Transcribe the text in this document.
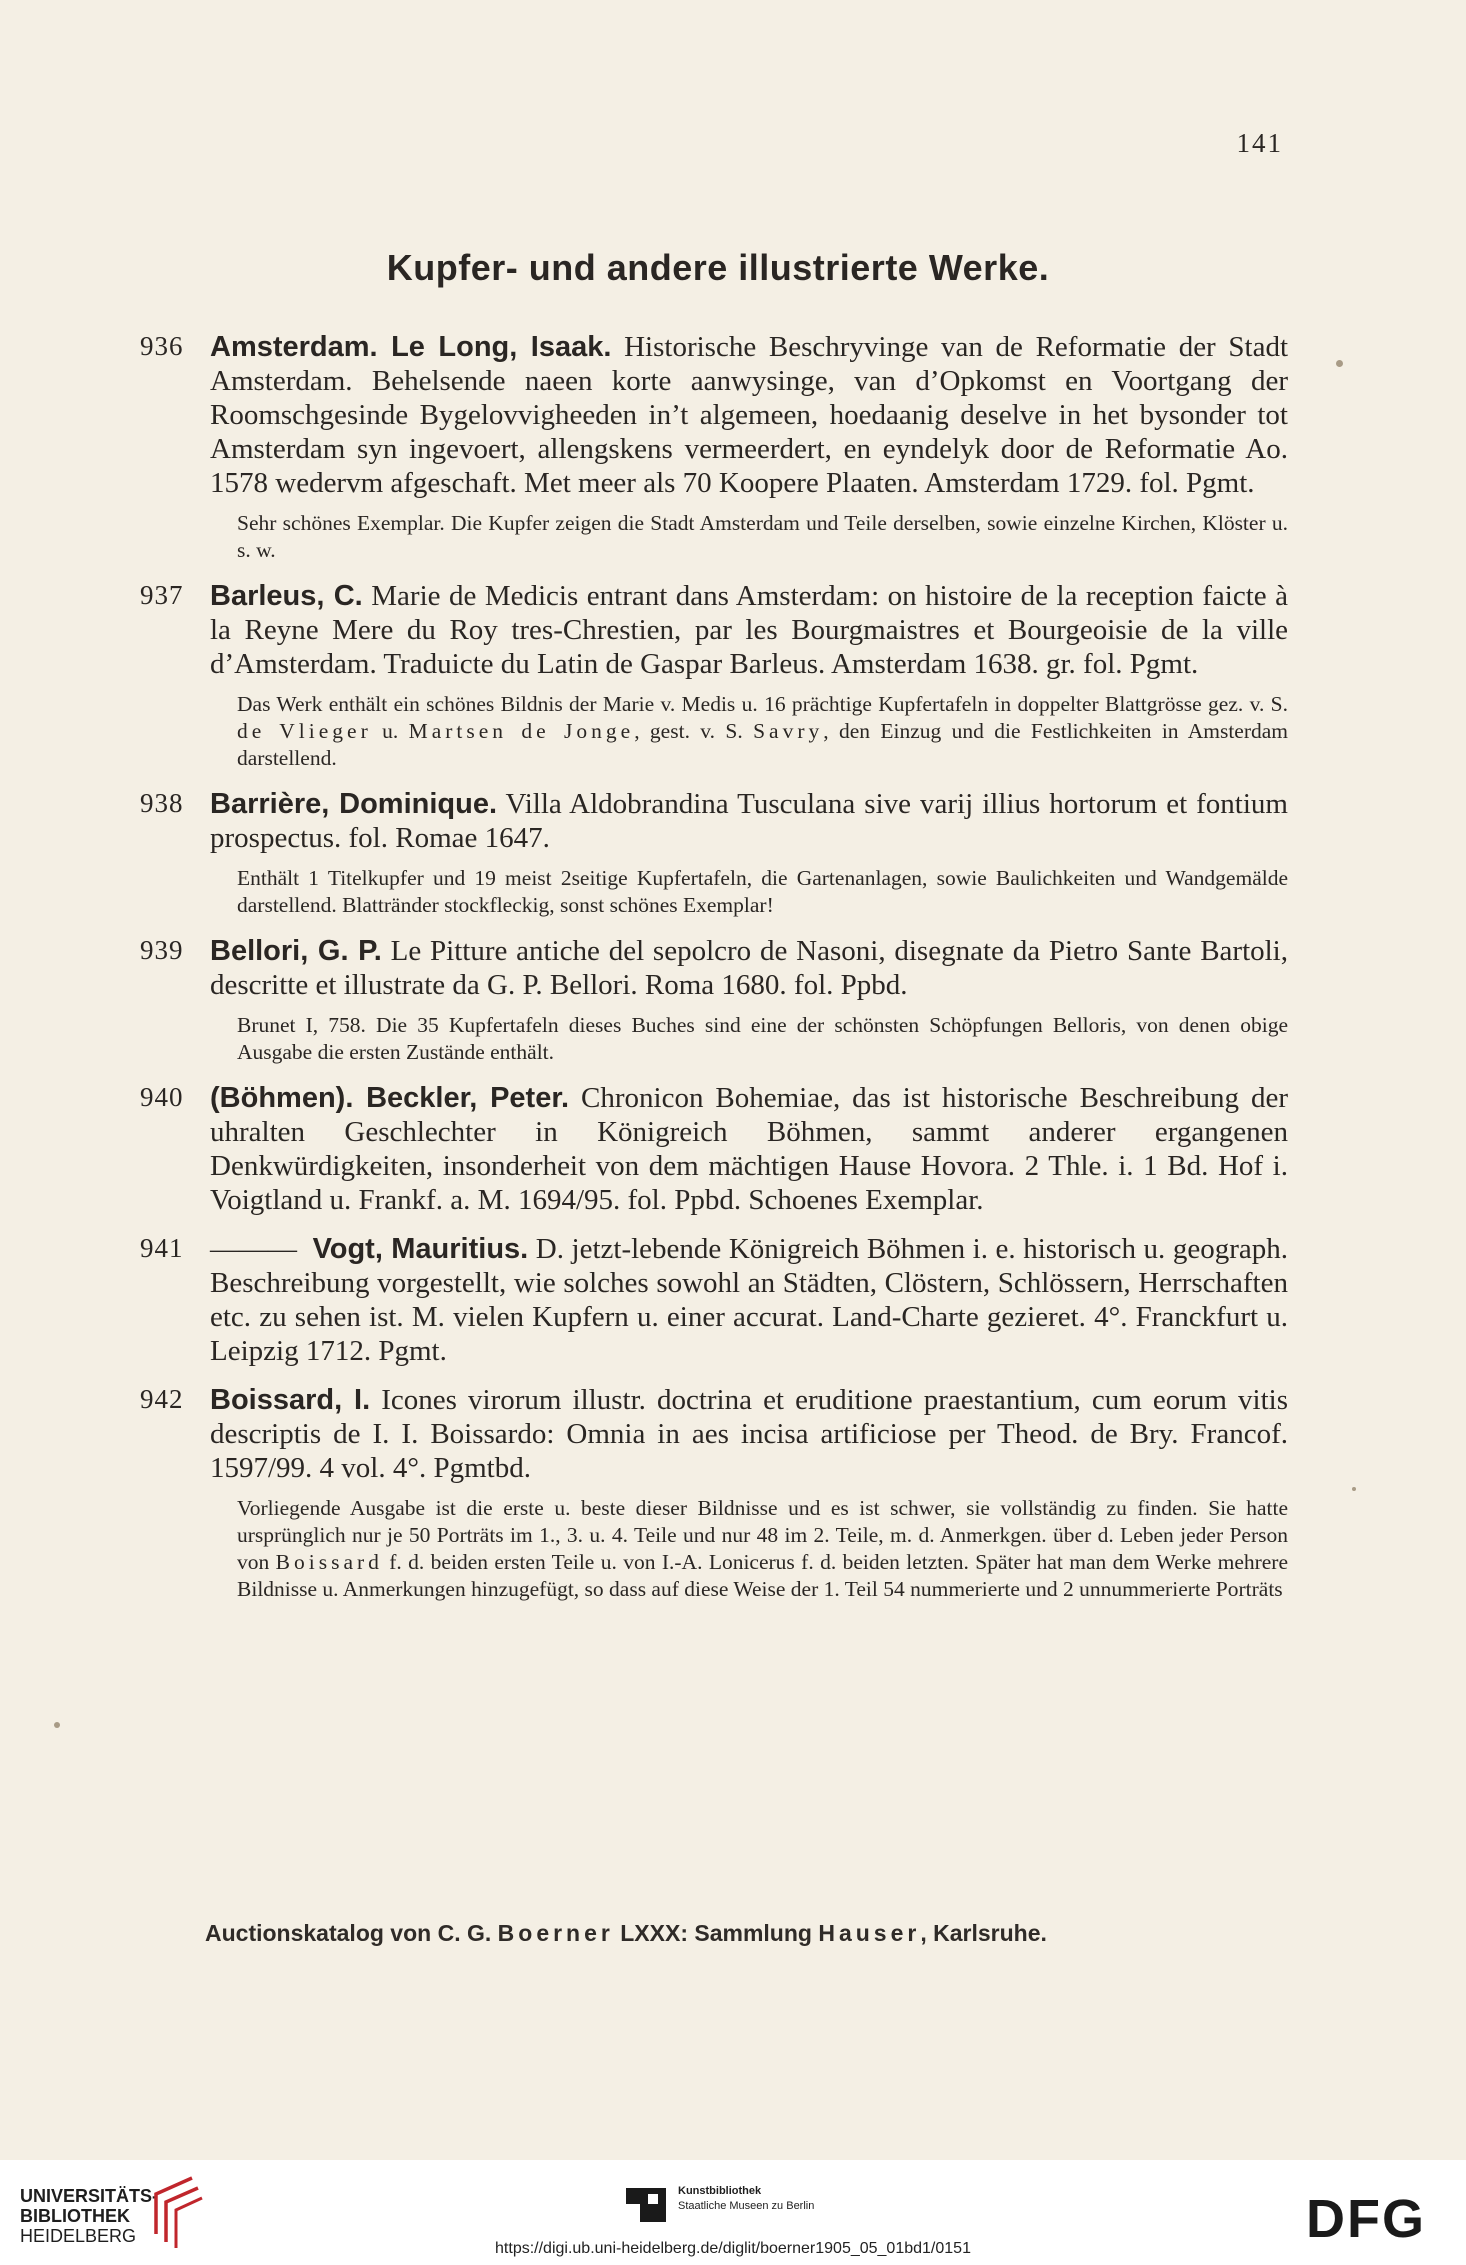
141
Kupfer- und andere illustrierte Werke.
936 Amsterdam. Le Long, Isaak. Historische Beschryvinge van de Reformatie der Stadt Amsterdam. Behelsende naeen korte aanwysinge, van d’Opkomst en Voortgang der Roomschgesinde Bygelovvigheeden in’t algemeen, hoedaanig deselve in het bysonder tot Amsterdam syn ingevoert, allengskens vermeerdert, en eyndelyk door de Reformatie Ao. 1578 wedervm afgeschaft. Met meer als 70 Koopere Plaaten. Amsterdam 1729. fol. Pgmt.
Sehr schönes Exemplar. Die Kupfer zeigen die Stadt Amsterdam und Teile derselben, sowie einzelne Kirchen, Klöster u. s. w.
937 Barleus, C. Marie de Medicis entrant dans Amsterdam: on histoire de la reception faicte à la Reyne Mere du Roy tres-Chrestien, par les Bourgmaistres et Bourgeoisie de la ville d’Amsterdam. Traduicte du Latin de Gaspar Barleus. Amsterdam 1638. gr. fol. Pgmt.
Das Werk enthält ein schönes Bildnis der Marie v. Medis u. 16 prächtige Kupfertafeln in doppelter Blattgrösse gez. v. S. de Vlieger u. Martsen de Jonge, gest. v. S. Savry, den Einzug und die Festlichkeiten in Amsterdam darstellend.
938 Barrière, Dominique. Villa Aldobrandina Tusculana sive varij illius hortorum et fontium prospectus. fol. Romae 1647.
Enthält 1 Titelkupfer und 19 meist 2seitige Kupfertafeln, die Gartenanlagen, sowie Baulichkeiten und Wandgemälde darstellend. Blattränder stockfleckig, sonst schönes Exemplar!
939 Bellori, G. P. Le Pitture antiche del sepolcro de Nasoni, disegnate da Pietro Sante Bartoli, descritte et illustrate da G. P. Bellori. Roma 1680. fol. Ppbd.
Brunet I, 758. Die 35 Kupfertafeln dieses Buches sind eine der schönsten Schöpfungen Belloris, von denen obige Ausgabe die ersten Zustände enthält.
940 (Böhmen). Beckler, Peter. Chronicon Bohemiae, das ist historische Beschreibung der uhralten Geschlechter in Königreich Böhmen, sammt anderer ergangenen Denkwürdigkeiten, insonderheit von dem mächtigen Hause Hovora. 2 Thle. i. 1 Bd. Hof i. Voigtland u. Frankf. a. M. 1694/95. fol. Ppbd. Schoenes Exemplar.
941 ——— Vogt, Mauritius. D. jetzt-lebende Königreich Böhmen i. e. historisch u. geograph. Beschreibung vorgestellt, wie solches sowohl an Städten, Clöstern, Schlössern, Herrschaften etc. zu sehen ist. M. vielen Kupfern u. einer accurat. Land-Charte gezieret. 4°. Franckfurt u. Leipzig 1712. Pgmt.
942 Boissard, I. Icones virorum illustr. doctrina et eruditione praestantium, cum eorum vitis descriptis de I. I. Boissardo: Omnia in aes incisa artificiose per Theod. de Bry. Francof. 1597/99. 4 vol. 4°. Pgmtbd.
Vorliegende Ausgabe ist die erste u. beste dieser Bildnisse und es ist schwer, sie vollständig zu finden. Sie hatte ursprünglich nur je 50 Porträts im 1., 3. u. 4. Teile und nur 48 im 2. Teile, m. d. Anmerkgen. über d. Leben jeder Person von Boissard f. d. beiden ersten Teile u. von I.-A. Lonicerus f. d. beiden letzten. Später hat man dem Werke mehrere Bildnisse u. Anmerkungen hinzugefügt, so dass auf diese Weise der 1. Teil 54 nummerierte und 2 unnummerierte Porträts
Auctionskatalog von C. G. Boerner LXXX: Sammlung Hauser, Karlsruhe.
UNIVERSITÄTS-
BIBLIOTHEK
HEIDELBERG
Kunstbibliothek
Staatliche Museen zu Berlin	DFG
https://digi.ub.uni-heidelberg.de/diglit/boerner1905_05_01bd1/0151
